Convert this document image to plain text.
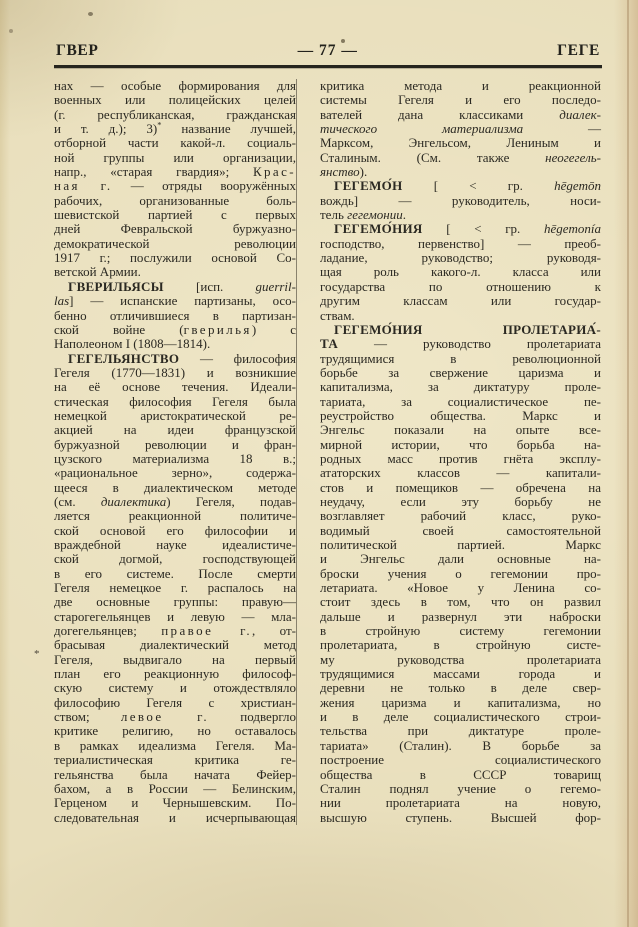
*
ГВЕР	— 77 —	ГЕГЕ
нах — особые формирования для
военных или полицейских целей
(г. республиканская, гражданская
и т. д.); 3)* название лучшей,
отборной части какой-л. социаль-
ной группы или организации,
напр., «старая гвардия»; Крас-
ная г. — отряды вооружённых
рабочих, организованные боль-
шевистской партией с первых
дней Февральской буржуазно-
демократической революции
1917 г.; послужили основой Со-
ветской Армии.
ГВЕРИЛЬЯСЫ [исп. guerril-
las] — испанские партизаны, осо-
бенно отличившиеся в партизан-
ской войне (гверилья) с
Наполеоном I (1808—1814).
ГЕГЕЛЬЯНСТВО — философия
Гегеля (1770—1831) и возникшие
на её основе течения. Идеали-
стическая философия Гегеля была
немецкой аристократической ре-
акцией на идеи французской
буржуазной революции и фран-
цузского материализма 18 в.;
«рациональное зерно», содержа-
щееся в диалектическом методе
(см. диалектика) Гегеля, подав-
ляется реакционной политиче-
ской основой его философии и
враждебной науке идеалистиче-
ской догмой, господствующей
в его системе. После смерти
Гегеля немецкое г. распалось на
две основные группы: правую—
старогегельянцев и левую — мла-
догегельянцев; правое г., от-
брасывая диалектический метод
Гегеля, выдвигало на первый
план его реакционную философ-
скую систему и отождествляло
философию Гегеля с христиан-
ством; левое г. подвергло
критике религию, но оставалось
в рамках идеализма Гегеля. Ма-
териалистическая критика ге-
гельянства была начата Фейер-
бахом, а в России — Белинским,
Герценом и Чернышевским. По-
следовательная и исчерпывающая
критика метода и реакционной
системы Гегеля и его последо-
вателей дана классиками диалек-
тического материализма —
Марксом, Энгельсом, Лениным и
Сталиным. (См. также неогегель-
янство).
ГЕГЕМО́Н [ < гр. hēgemōn
вождь] — руководитель, носи-
тель гегемонии.
ГЕГЕМО́НИЯ [ < гр. hēgemonía
господство, первенство] — преоб-
ладание, руководство; руководя-
щая роль какого-л. класса или
государства по отношению к
другим классам или государ-
ствам.
ГЕГЕМО́НИЯ ПРОЛЕТАРИА́-
ТА — руководство пролетариата
трудящимися в революционной
борьбе за свержение царизма и
капитализма, за диктатуру проле-
тариата, за социалистическое пе-
реустройство общества. Маркс и
Энгельс показали на опыте все-
мирной истории, что борьба на-
родных масс против гнёта эксплу-
ататорских классов — капитали-
стов и помещиков — обречена на
неудачу, если эту борьбу не
возглавляет рабочий класс, руко-
водимый своей самостоятельной
политической партией. Маркс
и Энгельс дали основные на-
броски учения о гегемонии про-
летариата. «Новое у Ленина со-
стоит здесь в том, что он развил
дальше и развернул эти наброски
в стройную систему гегемонии
пролетариата, в стройную систе-
му руководства пролетариата
трудящимися массами города и
деревни не только в деле свер-
жения царизма и капитализма, но
и в деле социалистического строи-
тельства при диктатуре проле-
тариата» (Сталин). В борьбе за
построение социалистического
общества в СССР товарищ
Сталин поднял учение о гегемо-
нии пролетариата на новую,
высшую ступень. Высшей фор-
